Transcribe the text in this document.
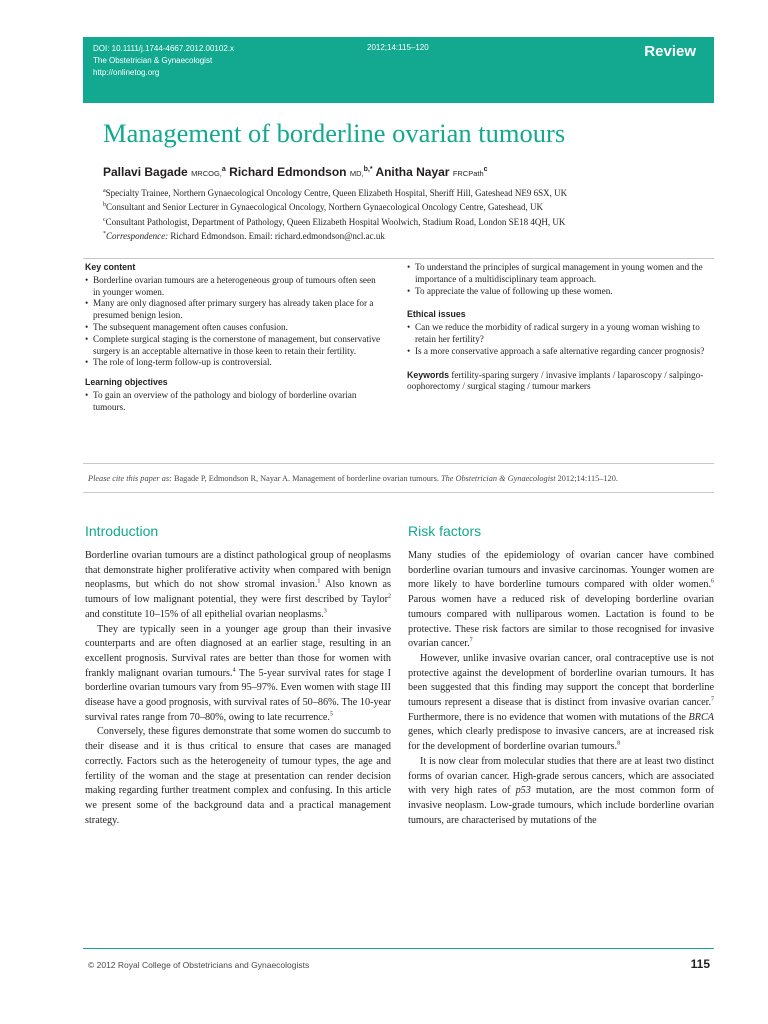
DOI: 10.1111/j.1744-4667.2012.00102.x
The Obstetrician & Gynaecologist
http://onlinetog.org
2012;14:115–120	Review
Management of borderline ovarian tumours
Pallavi Bagade MRCOG,$^a$ Richard Edmondson MD,$^{b,*}$ Anitha Nayar FRCPath$^c$
$^a$Specialty Trainee, Northern Gynaecological Oncology Centre, Queen Elizabeth Hospital, Sheriff Hill, Gateshead NE9 6SX, UK
$^b$Consultant and Senior Lecturer in Gynaecological Oncology, Northern Gynaecological Oncology Centre, Gateshead, UK
$^c$Consultant Pathologist, Department of Pathology, Queen Elizabeth Hospital Woolwich, Stadium Road, London SE18 4QH, UK
*Correspondence: Richard Edmondson. Email: richard.edmondson@ncl.ac.uk
Key content
• Borderline ovarian tumours are a heterogeneous group of tumours often seen in younger women.
• Many are only diagnosed after primary surgery has already taken place for a presumed benign lesion.
• The subsequent management often causes confusion.
• Complete surgical staging is the cornerstone of management, but conservative surgery is an acceptable alternative in those keen to retain their fertility.
• The role of long-term follow-up is controversial.
Learning objectives
• To gain an overview of the pathology and biology of borderline ovarian tumours.
• To understand the principles of surgical management in young women and the importance of a multidisciplinary team approach.
• To appreciate the value of following up these women.
Ethical issues
• Can we reduce the morbidity of radical surgery in a young woman wishing to retain her fertility?
• Is a more conservative approach a safe alternative regarding cancer prognosis?
Keywords fertility-sparing surgery / invasive implants / laparoscopy / salpingo-oophorectomy / surgical staging / tumour markers
Please cite this paper as: Bagade P, Edmondson R, Nayar A. Management of borderline ovarian tumours. The Obstetrician & Gynaecologist 2012;14:115–120.
Introduction

Borderline ovarian tumours are a distinct pathological group of neoplasms that demonstrate higher proliferative activity when compared with benign neoplasms, but which do not show stromal invasion.$^1$ Also known as tumours of low malignant potential, they were first described by Taylor$^2$ and constitute 10–15% of all epithelial ovarian neoplasms.$^3$

They are typically seen in a younger age group than their invasive counterparts and are often diagnosed at an earlier stage, resulting in an excellent prognosis. Survival rates are better than those for women with frankly malignant ovarian tumours.$^4$ The 5-year survival rates for stage I borderline ovarian tumours vary from 95–97%. Even women with stage III disease have a good prognosis, with survival rates of 50–86%. The 10-year survival rates range from 70–80%, owing to late recurrence.$^5$

Conversely, these figures demonstrate that some women do succumb to their disease and it is thus critical to ensure that cases are managed correctly. Factors such as the heterogeneity of tumour types, the age and fertility of the woman and the stage at presentation can render decision making regarding further treatment complex and confusing. In this article we present some of the background data and a practical management strategy.

Risk factors

Many studies of the epidemiology of ovarian cancer have combined borderline ovarian tumours and invasive carcinomas. Younger women are more likely to have borderline tumours compared with older women.$^6$ Parous women have a reduced risk of developing borderline ovarian tumours compared with nulliparous women. Lactation is found to be protective. These risk factors are similar to those recognised for invasive ovarian cancer.$^7$

However, unlike invasive ovarian cancer, oral contraceptive use is not protective against the development of borderline ovarian tumours. It has been suggested that this finding may support the concept that borderline tumours represent a disease that is distinct from invasive ovarian cancer.$^7$ Furthermore, there is no evidence that women with mutations of the BRCA genes, which clearly predispose to invasive cancers, are at increased risk for the development of borderline ovarian tumours.$^8$

It is now clear from molecular studies that there are at least two distinct forms of ovarian cancer. High-grade serous cancers, which are associated with very high rates of p53 mutation, are the most common form of invasive neoplasm. Low-grade tumours, which include borderline ovarian tumours, are characterised by mutations of the

© 2012 Royal College of Obstetricians and Gynaecologists	115
